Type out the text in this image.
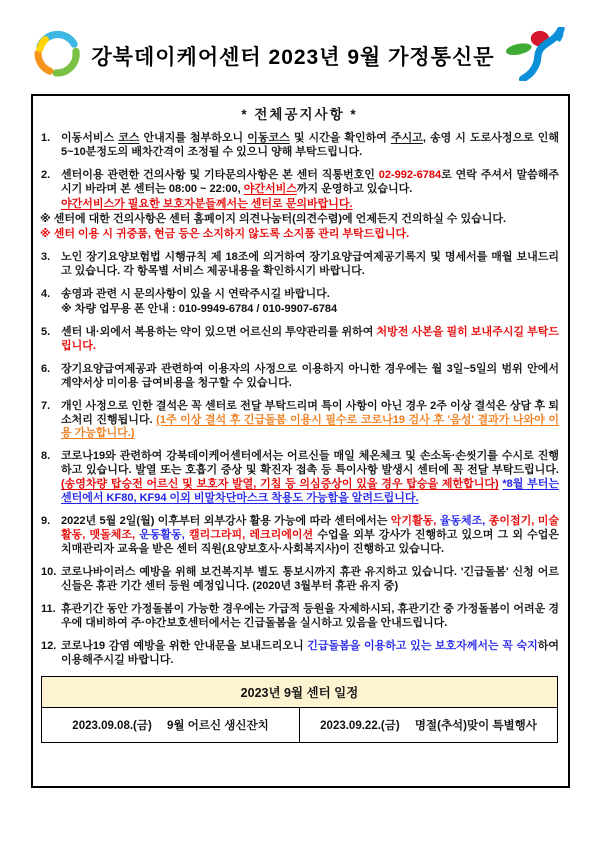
강북데이케어센터 2023년 9월 가정통신문
* 전체공지사항 *
1. 이동서비스 코스 안내지를 첨부하오니 이동코스 및 시간을 확인하여 주시고, 송영 시 도로사정으로 인해 5~10분정도의 배차간격이 조정될 수 있으니 양해 부탁드립니다.
2. 센터이용 관련한 건의사항 및 기타문의사항은 본 센터 직통번호인 02-992-6784로 연락 주셔서 말씀해주시기 바라며 본 센터는 08:00 ~ 22:00, 야간서비스까지 운영하고 있습니다.
야간서비스가 필요한 보호자분들께서는 센터로 문의바랍니다.
※ 센터에 대한 건의사항은 센터 홈페이지 의견나눔터(의견수렴)에 언제든지 건의하실 수 있습니다.
※ 센터 이용 시 귀중품, 현금 등은 소지하지 않도록 소지품 관리 부탁드립니다.
3. 노인 장기요양보험법 시행규칙 제 18조에 의거하여 장기요양급여제공기록지 및 명세서를 매월 보내드리고 있습니다. 각 항목별 서비스 제공내용을 확인하시기 바랍니다.
4. 송영과 관련 시 문의사항이 있을 시 연락주시길 바랍니다.
※ 차량 업무용 폰 안내 : 010-9949-6784 / 010-9907-6784
5. 센터 내·외에서 복용하는 약이 있으면 어르신의 투약관리를 위하여 처방전 사본을 필히 보내주시길 부탁드립니다.
6. 장기요양급여제공과 관련하여 이용자의 사정으로 이용하지 아니한 경우에는 월 3일~5일의 범위 안에서 계약서상 미이용 급여비용을 청구할 수 있습니다.
7. 개인 사정으로 인한 결석은 꼭 센터로 전달 부탁드리며 특이 사항이 아닌 경우 2주 이상 결석은 상담 후 퇴소처리 진행됩니다. (1주 이상 결석 후 긴급돌봄 이용시 필수로 코로나19 검사 후 '음성' 결과가 나와야 이용 가능합니다.)
8. 코로나19와 관련하여 강북데이케어센터에서는 어르신들 매일 체온체크 및 손소독·손씻기를 수시로 진행하고 있습니다. 발열 또는 호흡기 증상 및 확진자 접촉 등 특이사항 발생시 센터에 꼭 전달 부탁드립니다.(송영차량 탑승전 어르신 및 보호자 발열, 기침 등 의심증상이 있을 경우 탑승을 제한합니다) *8월 부터는 센터에서 KF80, KF94 이외 비말차단마스크 착용도 가능함을 알려드립니다.
9. 2022년 5월 2일(월) 이후부터 외부강사 활용 가능에 따라 센터에서는 악기활동, 율동체조, 종이접기, 미술활동, 맷돌체조, 운동활동, 캘리그라피, 레크리에이션 수업을 외부 강사가 진행하고 있으며 그 외 수업은 치매관리자 교육을 받은 센터 직원(요양보호사·사회복지사)이 진행하고 있습니다.
10. 코로나바이러스 예방을 위해 보건복지부 별도 통보시까지 휴관 유지하고 있습니다. '긴급돌봄' 신청 어르신들은 휴관 기간 센터 등원 예정입니다. (2020년 3월부터 휴관 유지 중)
11. 휴관기간 동안 가정돌봄이 가능한 경우에는 가급적 등원을 자제하시되, 휴관기간 중 가정돌봄이 어려운 경우에 대비하여 주·야간보호센터에서는 긴급돌봄을 실시하고 있음을 안내드립니다.
12. 코로나19 감염 예방을 위한 안내문을 보내드리오니 긴급돌봄을 이용하고 있는 보호자께서는 꼭 숙지하여 이용해주시길 바랍니다.
2023년 9월 센터 일정
2023.09.08.(금) 9월 어르신 생신잔치	2023.09.22.(금) 명절(추석)맞이 특별행사
